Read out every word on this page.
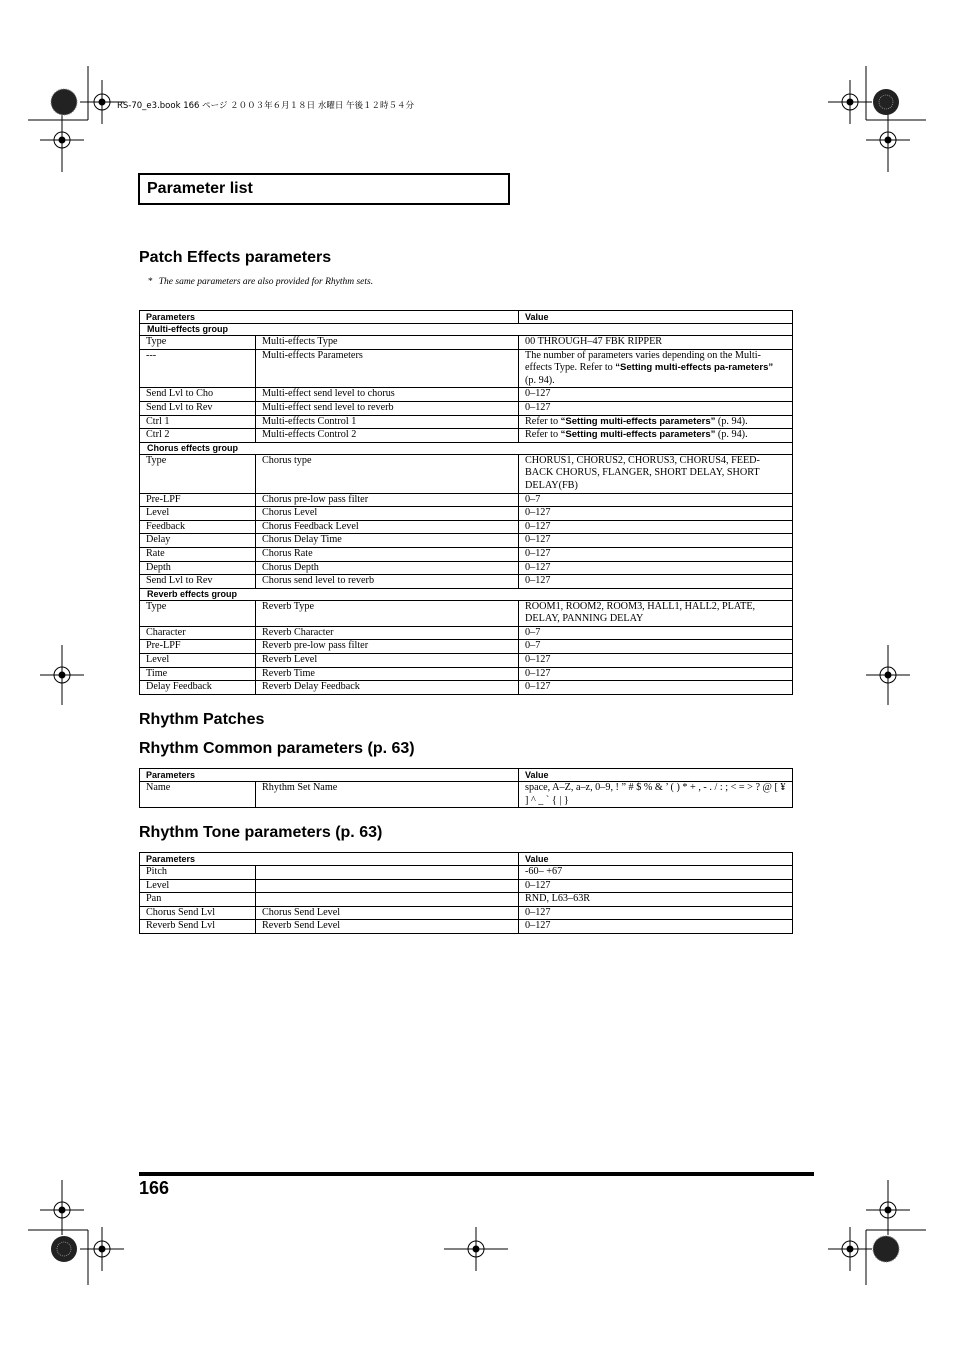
RS-70_e3.book 166 ページ ２００３年６月１８日 水曜日 午後１２時５４分
Parameter list
Patch Effects parameters
* The same parameters are also provided for Rhythm sets.
Parameters		Value
Multi-effects group		
Type	Multi-effects Type	00 THROUGH–47 FBK RIPPER
---	Multi-effects Parameters	The number of parameters varies depending on the Multi-effects Type. Refer to “Setting multi-effects pa-rameters” (p. 94).
Send Lvl to Cho	Multi-effect send level to chorus	0–127
Send Lvl to Rev	Multi-effect send level to reverb	0–127
Ctrl 1	Multi-effects Control 1	Refer to “Setting multi-effects parameters” (p. 94).
Ctrl 2	Multi-effects Control 2	Refer to “Setting multi-effects parameters” (p. 94).
Chorus effects group		
Type	Chorus type	CHORUS1, CHORUS2, CHORUS3, CHORUS4, FEED-BACK CHORUS, FLANGER, SHORT DELAY, SHORT DELAY(FB)
Pre-LPF	Chorus pre-low pass filter	0–7
Level	Chorus Level	0–127
Feedback	Chorus Feedback Level	0–127
Delay	Chorus Delay Time	0–127
Rate	Chorus Rate	0–127
Depth	Chorus Depth	0–127
Send Lvl to Rev	Chorus send level to reverb	0–127
Reverb effects group		
Type	Reverb Type	ROOM1, ROOM2, ROOM3, HALL1, HALL2, PLATE, DELAY, PANNING DELAY
Character	Reverb Character	0–7
Pre-LPF	Reverb pre-low pass filter	0–7
Level	Reverb Level	0–127
Time	Reverb Time	0–127
Delay Feedback	Reverb Delay Feedback	0–127
Rhythm Patches
Rhythm Common parameters (p. 63)
Parameters		Value
Name	Rhythm Set Name	space, A–Z, a–z, 0–9, ! ” # $ % & ’ ( ) * + , - . / : ; < = > ? @ [ ¥ ] ^ _ ` { | }
Rhythm Tone parameters (p. 63)
Parameters		Value
Pitch		-60– +67
Level		0–127
Pan		RND, L63–63R
Chorus Send Lvl	Chorus Send Level	0–127
Reverb Send Lvl	Reverb Send Level	0–127
166
